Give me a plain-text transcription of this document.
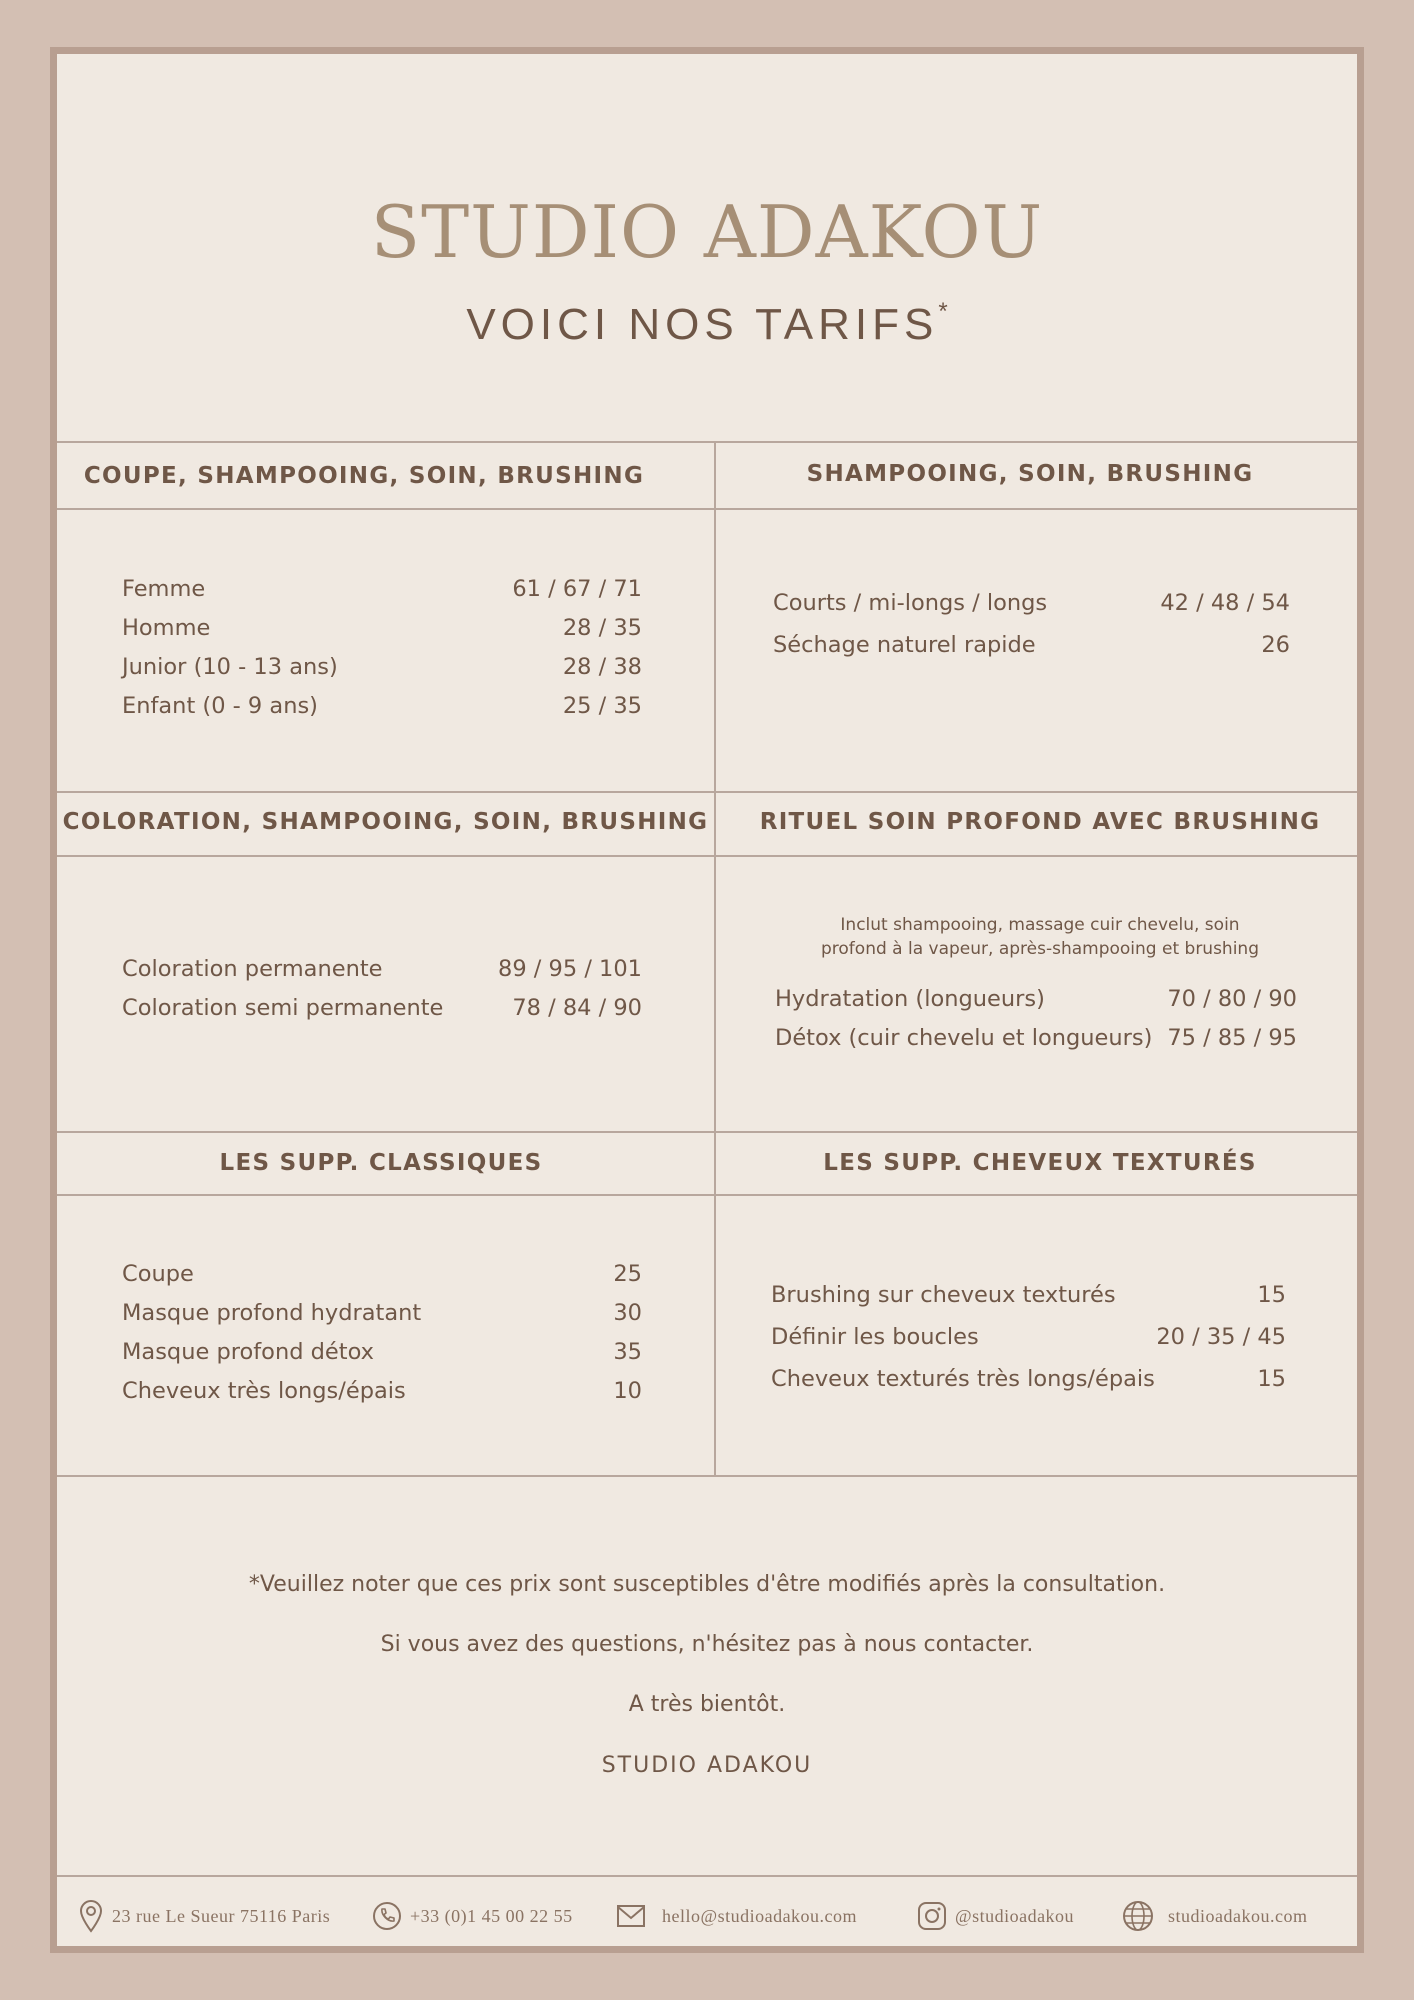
STUDIO ADAKOU
VOICI NOS TARIFS*
COUPE, SHAMPOOING, SOIN, BRUSHING
Femme	61 / 67 / 71
Homme	28 / 35
Junior (10 - 13 ans)	28 / 38
Enfant (0 - 9 ans)	25 / 35
SHAMPOOING, SOIN, BRUSHING
Courts / mi-longs / longs	42 / 48 / 54
Séchage naturel rapide	26
COLORATION, SHAMPOOING, SOIN, BRUSHING
Coloration permanente	89 / 95 / 101
Coloration semi permanente	78 / 84 / 90
RITUEL SOIN PROFOND AVEC BRUSHING
Inclut shampooing, massage cuir chevelu, soin
profond à la vapeur, après-shampooing et brushing
Hydratation (longueurs)	70 / 80 / 90
Détox (cuir chevelu et longueurs) 75 / 85 / 95
LES SUPP. CLASSIQUES
Coupe	25
Masque profond hydratant	30
Masque profond détox	35
Cheveux très longs/épais	10
LES SUPP. CHEVEUX TEXTURÉS
Brushing sur cheveux texturés	15
Définir les boucles	20 / 35 / 45
Cheveux texturés très longs/épais	15
*Veuillez noter que ces prix sont susceptibles d'être modifiés après la consultation.
Si vous avez des questions, n'hésitez pas à nous contacter.
A très bientôt.
STUDIO ADAKOU
23 rue Le Sueur 75116 Paris	+33 (0)1 45 00 22 55	hello@studioadakou.com	@studioadakou	studioadakou.com
